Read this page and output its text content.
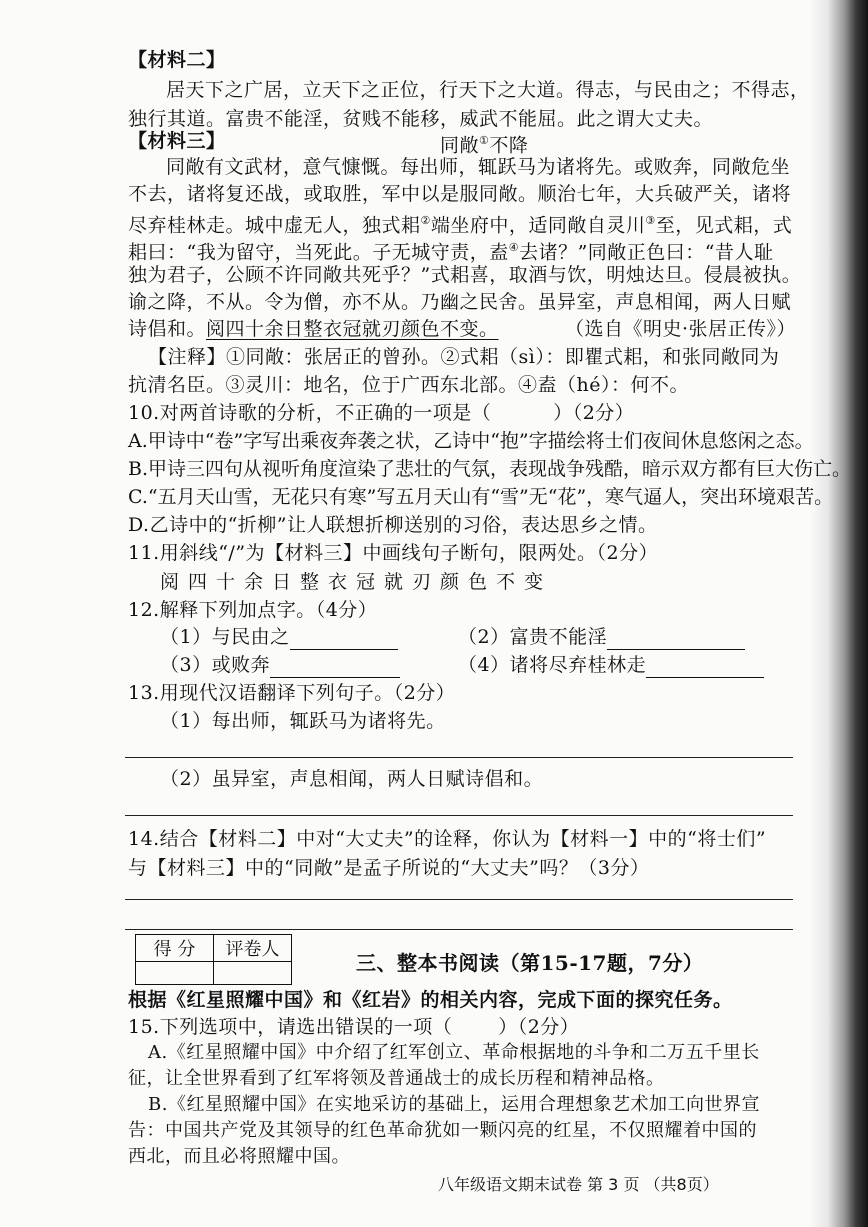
【材料二】
居天下之广居，立天下之正位，行天下之大道。得志，与民由之；不得志，
独行其道。富贵不能淫，贫贱不能移，威武不能屈。此之谓大丈夫。
【材料三】	同敞①不降
同敞有文武材，意气慷慨。每出师，辄跃马为诸将先。或败奔，同敞危坐
不去，诸将复还战，或取胜，军中以是服同敞。顺治七年，大兵破严关，诸将
尽弃桂林走。城中虚无人，独式耜②端坐府中，适同敞自灵川③至，见式耜，式
耜曰：“我为留守，当死此。子无城守责，盍④去诸？”同敞正色曰：“昔人耻
独为君子，公顾不许同敞共死乎？”式耜喜，取酒与饮，明烛达旦。侵晨被执。
谕之降，不从。令为僧，亦不从。乃幽之民舍。虽异室，声息相闻，两人日赋
诗倡和。阅四十余日整衣冠就刃颜色不变。	（选自《明史·张居正传》）
【注释】①同敞：张居正的曾孙。②式耜（sì）：即瞿式耜，和张同敞同为
抗清名臣。③灵川：地名，位于广西东北部。④盍（hé）：何不。
10.对两首诗歌的分析，不正确的一项是（	）（2分）
A.甲诗中“卷”字写出乘夜奔袭之状，乙诗中“抱”字描绘将士们夜间休息悠闲之态。
B.甲诗三四句从视听角度渲染了悲壮的气氛，表现战争残酷，暗示双方都有巨大伤亡。
C.“五月天山雪，无花只有寒”写五月天山有“雪”无“花”，寒气逼人，突出环境艰苦。
D.乙诗中的“折柳”让人联想折柳送别的习俗，表达思乡之情。
11.用斜线“/”为【材料三】中画线句子断句，限两处。（2分）
阅四十余日整衣冠就刃颜色不变
12.解释下列加点字。（4分）
（1）与民由之	（2）富贵不能淫
（3）或败奔	（4）诸将尽弃桂林走
13.用现代汉语翻译下列句子。（2分）
（1）每出师，辄跃马为诸将先。
（2）虽异室，声息相闻，两人日赋诗倡和。
14.结合【材料二】中对“大丈夫”的诠释，你认为【材料一】中的“将士们”
与【材料三】中的“同敞”是孟子所说的“大丈夫”吗？（3分）
得 分	评卷人

三、整本书阅读（第15-17题，7分）
根据《红星照耀中国》和《红岩》的相关内容，完成下面的探究任务。
15.下列选项中，请选出错误的一项（ ）（2分）
A.《红星照耀中国》中介绍了红军创立、革命根据地的斗争和二万五千里长
征，让全世界看到了红军将领及普通战士的成长历程和精神品格。
B.《红星照耀中国》在实地采访的基础上，运用合理想象艺术加工向世界宣
告：中国共产党及其领导的红色革命犹如一颗闪亮的红星，不仅照耀着中国的
西北，而且必将照耀中国。
八年级语文期末试卷 第 3 页 （共8页）
